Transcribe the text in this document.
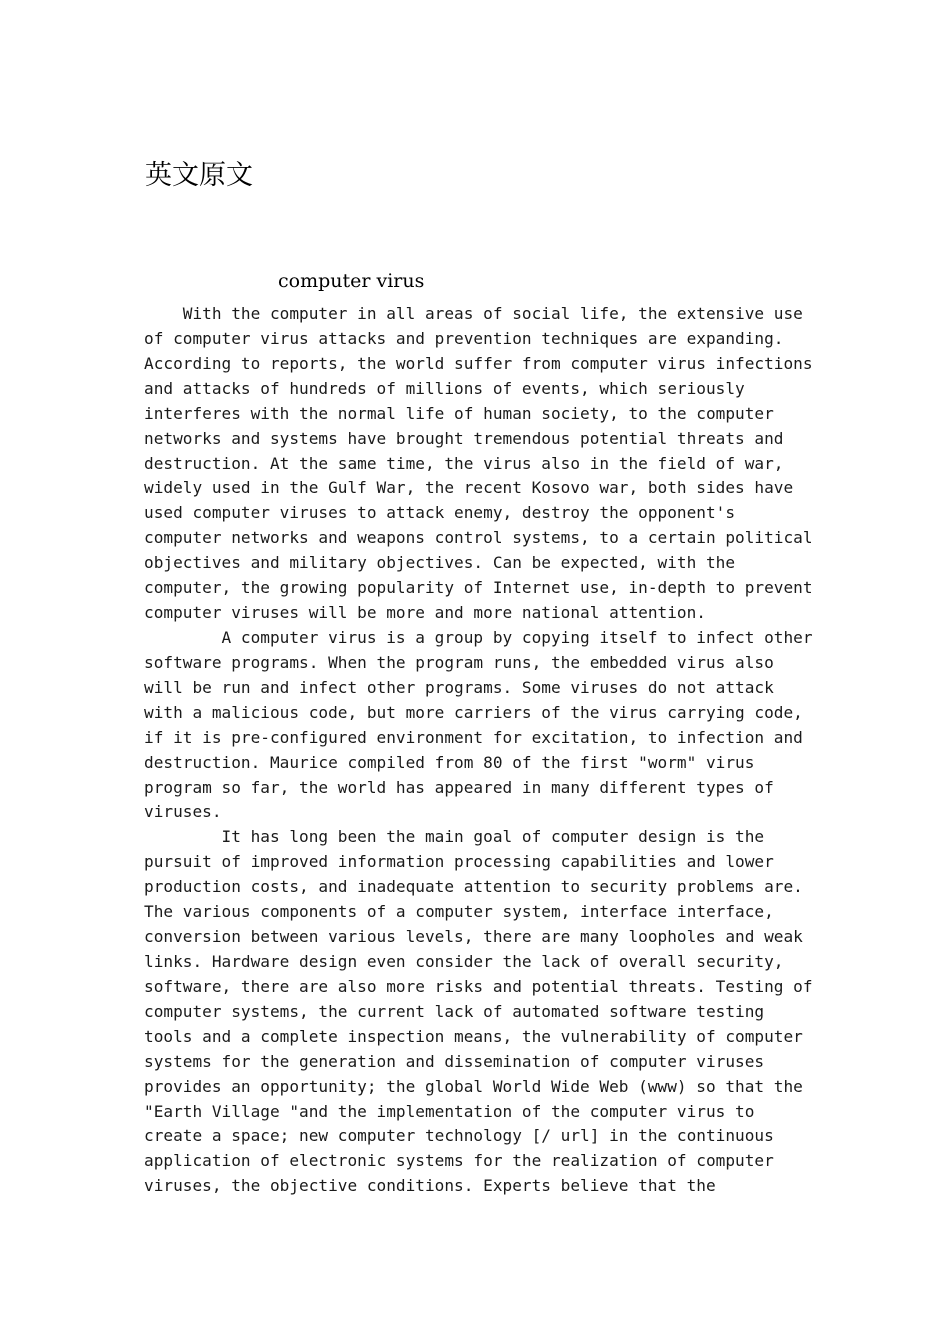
英文原文
computer virus
With the computer in all areas of social life, the extensive use
of computer virus attacks and prevention techniques are expanding.
According to reports, the world suffer from computer virus infections
and attacks of hundreds of millions of events, which seriously
interferes with the normal life of human society, to the computer
networks and systems have brought tremendous potential threats and
destruction. At the same time, the virus also in the field of war,
widely used in the Gulf War, the recent Kosovo war, both sides have
used computer viruses to attack enemy, destroy the opponent's
computer networks and weapons control systems, to a certain political
objectives and military objectives. Can be expected, with the
computer, the growing popularity of Internet use, in-depth to prevent
computer viruses will be more and more national attention.
A computer virus is a group by copying itself to infect other
software programs. When the program runs, the embedded virus also
will be run and infect other programs. Some viruses do not attack
with a malicious code, but more carriers of the virus carrying code,
if it is pre-configured environment for excitation, to infection and
destruction. Maurice compiled from 80 of the first "worm" virus
program so far, the world has appeared in many different types of
viruses.
It has long been the main goal of computer design is the
pursuit of improved information processing capabilities and lower
production costs, and inadequate attention to security problems are.
The various components of a computer system, interface interface,
conversion between various levels, there are many loopholes and weak
links. Hardware design even consider the lack of overall security,
software, there are also more risks and potential threats. Testing of
computer systems, the current lack of automated software testing
tools and a complete inspection means, the vulnerability of computer
systems for the generation and dissemination of computer viruses
provides an opportunity; the global World Wide Web (www) so that the
"Earth Village "and the implementation of the computer virus to
create a space; new computer technology [/ url] in the continuous
application of electronic systems for the realization of computer
viruses, the objective conditions. Experts believe that the
